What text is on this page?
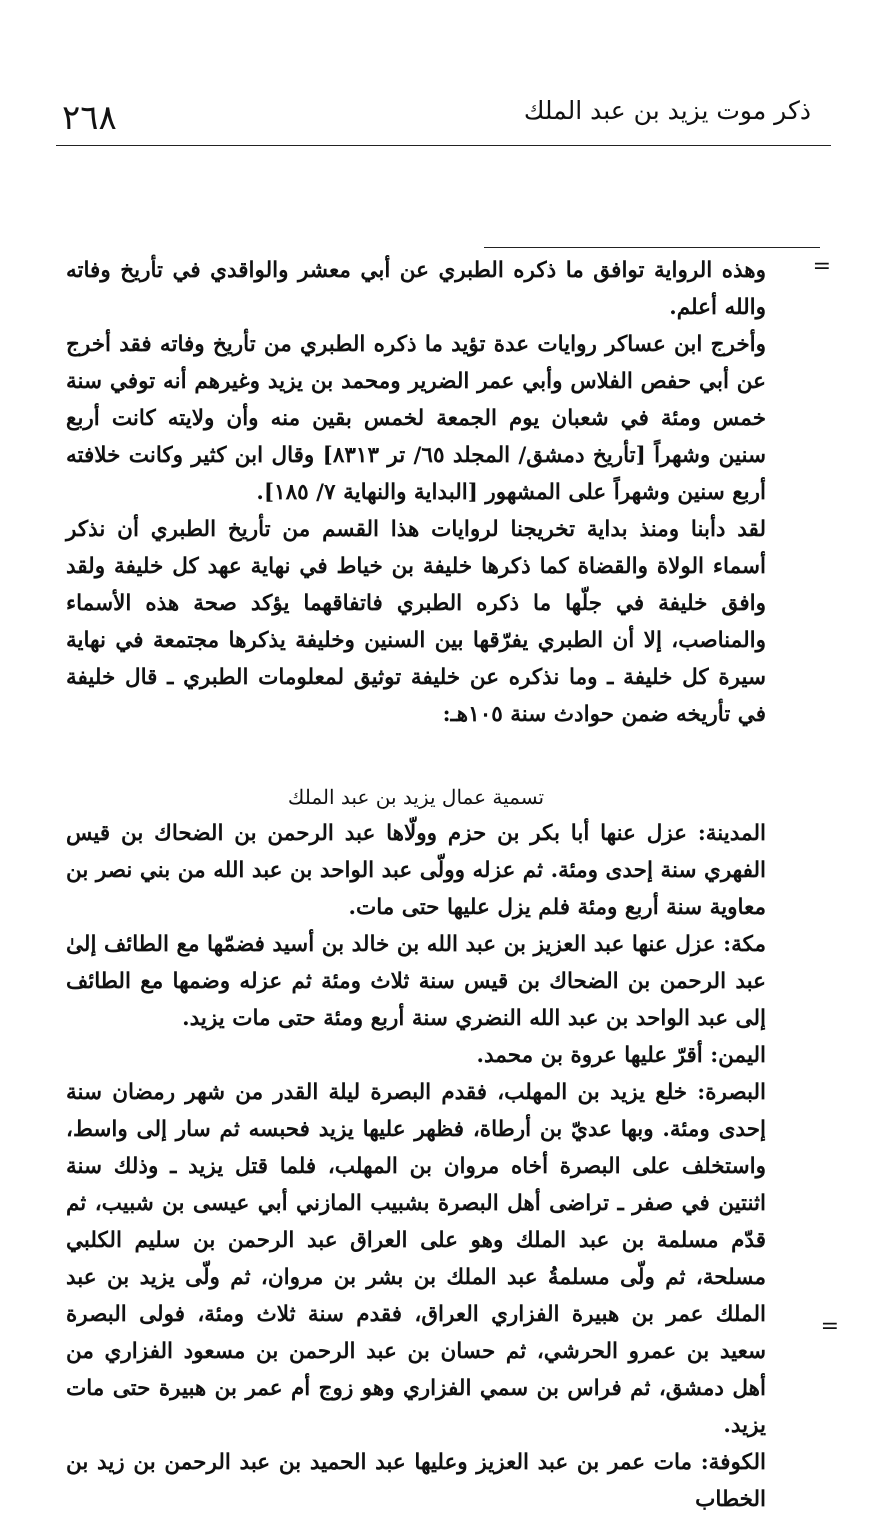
٢٦٨	ذكر موت يزيد بن عبد الملك
=

وهذه الرواية توافق ما ذكره الطبري عن أبي معشر والواقدي في تأريخ وفاته والله أعلم.

وأخرج ابن عساكر روايات عدة تؤيد ما ذكره الطبري من تأريخ وفاته فقد أخرج عن أبي حفص الفلاس وأبي عمر الضرير ومحمد بن يزيد وغيرهم أنه توفي سنة خمس ومئة في شعبان يوم الجمعة لخمس بقين منه وأن ولايته كانت أربع سنين وشهراً [تأريخ دمشق/ المجلد ٦٥/ تر ٨٣١٣] وقال ابن كثير وكانت خلافته أربع سنين وشهراً على المشهور [البداية والنهاية ٧/ ١٨٥].

لقد دأبنا ومنذ بداية تخريجنا لروايات هذا القسم من تأريخ الطبري أن نذكر أسماء الولاة والقضاة كما ذكرها خليفة بن خياط في نهاية عهد كل خليفة ولقد وافق خليفة في جلّها ما ذكره الطبري فاتفاقهما يؤكد صحة هذه الأسماء والمناصب، إلا أن الطبري يفرّقها بين السنين وخليفة يذكرها مجتمعة في نهاية سيرة كل خليفة ـ وما نذكره عن خليفة توثيق لمعلومات الطبري ـ قال خليفة في تأريخه ضمن حوادث سنة ١٠٥هـ:

تسمية عمال يزيد بن عبد الملك

المدينة: عزل عنها أبا بكر بن حزم وولّاها عبد الرحمن بن الضحاك بن قيس الفهري سنة إحدى ومئة. ثم عزله وولّى عبد الواحد بن عبد الله من بني نصر بن معاوية سنة أربع ومئة فلم يزل عليها حتى مات.

مكة: عزل عنها عبد العزيز بن عبد الله بن خالد بن أسيد فضمّها مع الطائف إلىٰ عبد الرحمن بن الضحاك بن قيس سنة ثلاث ومئة ثم عزله وضمها مع الطائف إلى عبد الواحد بن عبد الله النضري سنة أربع ومئة حتى مات يزيد.

اليمن: أقرّ عليها عروة بن محمد.

البصرة: خلع يزيد بن المهلب، فقدم البصرة ليلة القدر من شهر رمضان سنة إحدى ومئة. وبها عديّ بن أرطاة، فظهر عليها يزيد فحبسه ثم سار إلى واسط، واستخلف على البصرة أخاه مروان بن المهلب، فلما قتل يزيد ـ وذلك سنة اثنتين في صفر ـ تراضى أهل البصرة بشبيب المازني أبي عيسى بن شبيب، ثم قدّم مسلمة بن عبد الملك وهو على العراق عبد الرحمن بن سليم الكلبي مسلحة، ثم ولّى مسلمةُ عبد الملك بن بشر بن مروان، ثم ولّى يزيد بن عبد الملك عمر بن هبيرة الفزاري العراق، فقدم سنة ثلاث ومئة، فولى البصرة سعيد بن عمرو الحرشي، ثم حسان بن عبد الرحمن بن مسعود الفزاري من أهل دمشق، ثم فراس بن سمي الفزاري وهو زوج أم عمر بن هبيرة حتى مات يزيد.

الكوفة: مات عمر بن عبد العزيز وعليها عبد الحميد بن عبد الرحمن بن زيد بن الخطاب

=
